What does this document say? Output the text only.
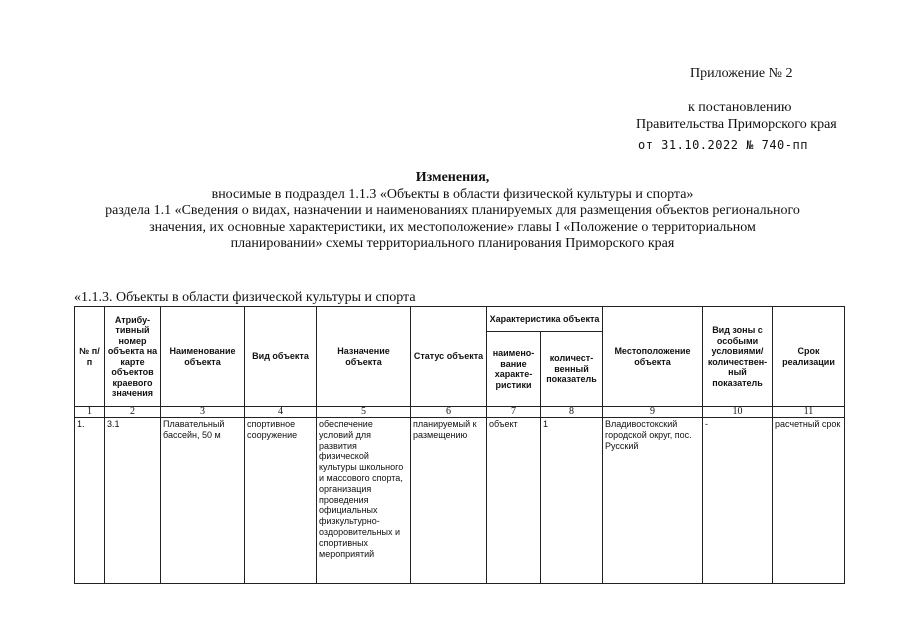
Приложение № 2
к постановлению
Правительства Приморского края
от 31.10.2022 № 740-пп
Изменения,
вносимые в подраздел 1.1.3 «Объекты в области физической культуры и спорта»
раздела 1.1 «Сведения о видах, назначении и наименованиях планируемых для размещения объектов регионального
значения, их основные характеристики, их местоположение» главы I «Положение о территориальном
планировании» схемы территориального планирования Приморского края
«1.1.3. Объекты в области физической культуры и спорта
№ п/п	Атрибу-тивный номер объекта на карте объектов краевого значения	Наименование объекта	Вид объекта	Назначение объекта	Статус объекта	Характеристика объекта		Местоположение объекта	Вид зоны с особыми условиями/ количествен-ный показатель	Срок реализации
						наимено-вание характе-ристики	количест-венный показатель			
1	2	3	4	5	6	7	8	9	10	11
1.	3.1	Плавательный бассейн, 50 м	спортивное сооружение	обеспечение условий для развития физической культуры школьного и массового спорта, организация проведения официальных физкультурно-оздоровительных и спортивных мероприятий	планируемый к размещению	объект	1	Владивостокский городской округ, пос. Русский	-	расчетный срок
